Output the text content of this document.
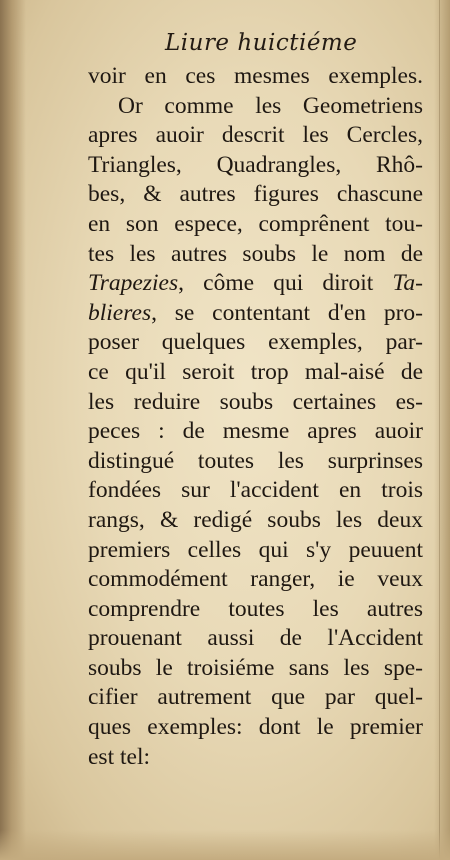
Liure huictiéme
voir en ces mesmes exemples.
Or comme les Geometriens
apres auoir descrit les Cercles,
Triangles, Quadrangles, Rhô-
bes, & autres figures chascune
en son espece, comprênent tou-
tes les autres soubs le nom de
Trapezies, côme qui diroit Ta-
blieres, se contentant d'en pro-
poser quelques exemples, par-
ce qu'il seroit trop mal-aisé de
les reduire soubs certaines es-
peces : de mesme apres auoir
distingué toutes les surprinses
fondées sur l'accident en trois
rangs, & redigé soubs les deux
premiers celles qui s'y peuuent
commodément ranger, ie veux
comprendre toutes les autres
prouenant aussi de l'Accident
soubs le troisiéme sans les spe-
cifier autrement que par quel-
ques exemples: dont le premier
est tel:
